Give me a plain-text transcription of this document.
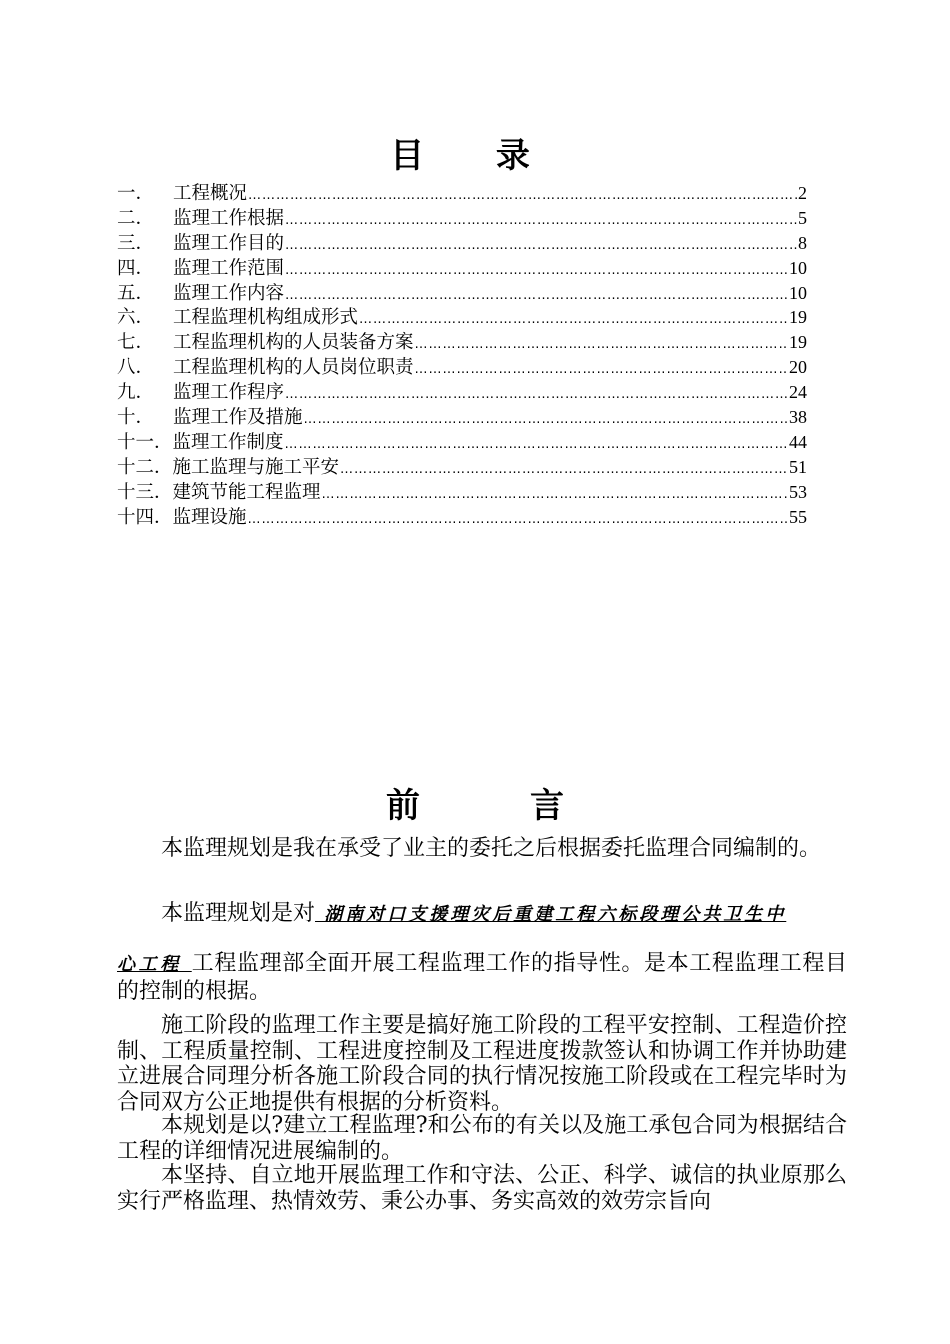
目 录
一．	工程概况 ………………………………………………………………………………………………………………………………………	2
二．	监理工作根据 ………………………………………………………………………………………………………………………………………	5
三．	监理工作目的 ………………………………………………………………………………………………………………………………………	8
四．	监理工作范围 ………………………………………………………………………………………………………………………………………	10
五．	监理工作内容 ………………………………………………………………………………………………………………………………………	10
六．	工程监理机构组成形式 ………………………………………………………………………………………………………………………………………	19
七．	工程监理机构的人员装备方案 ………………………………………………………………………………………………………………………………………	19
八．	工程监理机构的人员岗位职责 ………………………………………………………………………………………………………………………………………	20
九．	监理工作程序 ………………………………………………………………………………………………………………………………………	24
十．	监理工作及措施 ………………………………………………………………………………………………………………………………………	38
十一． 监理工作制度 ………………………………………………………………………………………………………………………………………	44
十二． 施工监理与施工平安 ………………………………………………………………………………………………………………………………………	51
十三． 建筑节能工程监理 ………………………………………………………………………………………………………………………………………	53
十四． 监理设施 ………………………………………………………………………………………………………………………………………	55
前言
本监理规划是我在承受了业主的委托之后根据委托监理合同编制的。
本监理规划是对 湖南对口支援理灾后重建工程六标段理公共卫生中
心工程 工程监理部全面开展工程监理工作的指导性。是本工程监理工程目的控制的根据。
施工阶段的监理工作主要是搞好施工阶段的工程平安控制、工程造价控制、工程质量控制、工程进度控制及工程进度拨款签认和协调工作并协助建立进展合同理分析各施工阶段合同的执行情况按施工阶段或在工程完毕时为合同双方公正地提供有根据的分析资料。
本规划是以?建立工程监理?和公布的有关以及施工承包合同为根据结合工程的详细情况进展编制的。
本坚持、自立地开展监理工作和守法、公正、科学、诚信的执业原那么实行严格监理、热情效劳、秉公办事、务实高效的效劳宗旨向
